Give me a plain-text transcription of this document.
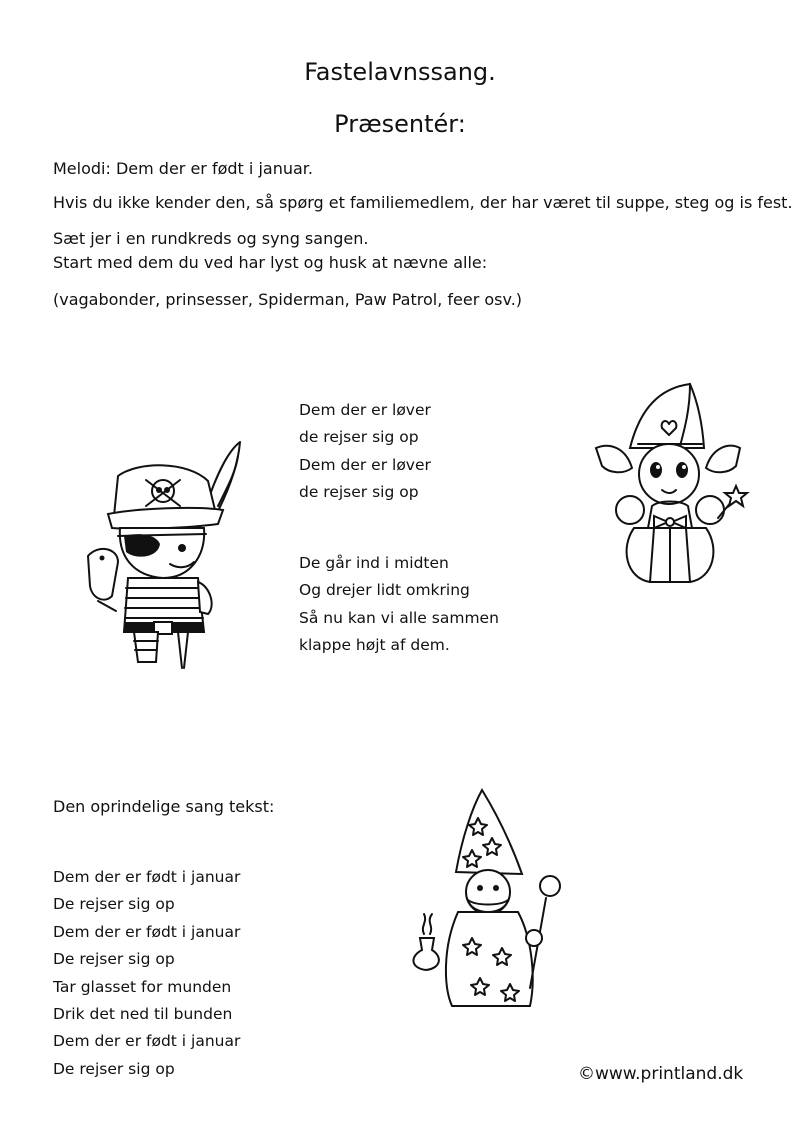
Fastelavnssang.
Præsentér:

Melodi: Dem der er født i januar.

Hvis du ikke kender den, så spørg et familiemedlem, der har været til suppe, steg og is fest.

Sæt jer i en rundkreds og syng sangen.

Start med dem du ved har lyst og husk at nævne alle:

(vagabonder, prinsesser, Spiderman, Paw Patrol, feer osv.)

Dem der er løver

de rejser sig op

Dem der er løver

de rejser sig op

De går ind i midten

Og drejer lidt omkring

Så nu kan vi alle sammen

klappe højt af dem.

Den oprindelige sang tekst:

Dem der er født i januar

De rejser sig op

Dem der er født i januar

De rejser sig op

Tar glasset for munden

Drik det ned til bunden

Dem der er født i januar

De rejser sig op	©www.printland.dk
